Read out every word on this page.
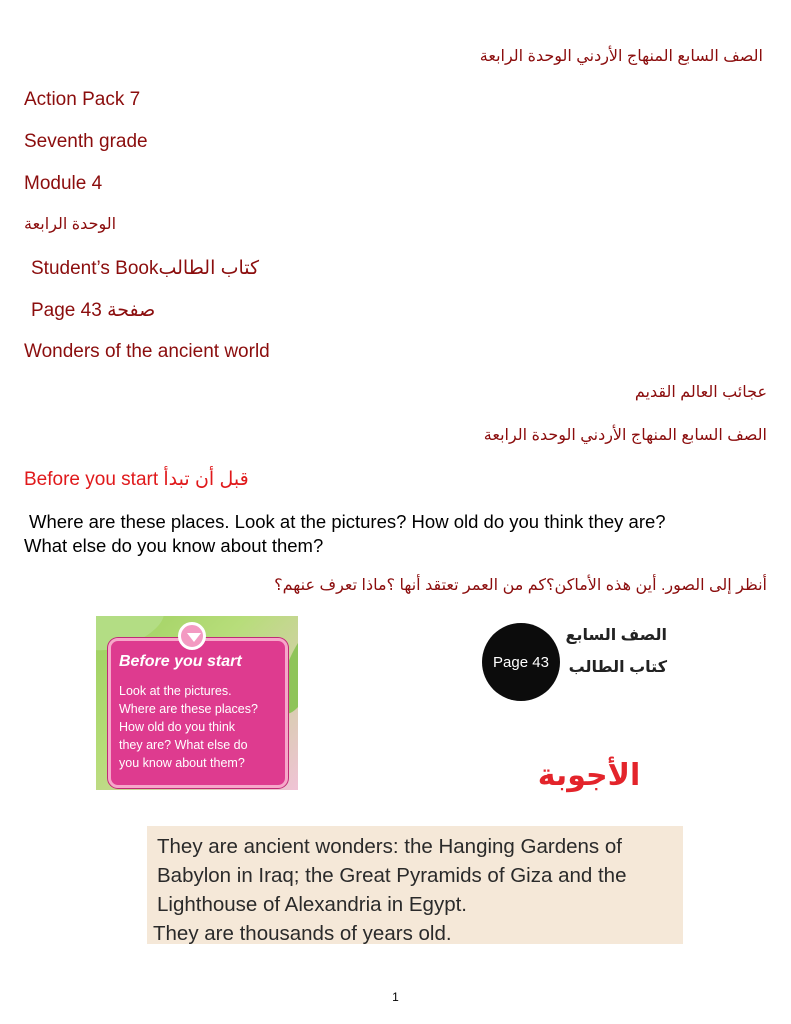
الصف السابع المنهاج الأردني الوحدة الرابعة
Action Pack 7
Seventh grade
Module 4
الوحدة الرابعة
Student’s Bookكتاب الطالب
Page 43 صفحة
Wonders of the ancient world
عجائب العالم القديم
الصف السابع المنهاج الأردني الوحدة الرابعة
Before you start قبل أن تبدأ
Where are these places. Look at the pictures? How old do you think they are?
What else do you know about them?
أنظر إلى الصور. أين هذه الأماكن؟كم من العمر تعتقد أنها ؟ماذا تعرف عنهم؟
Before you start
Look at the pictures.
Where are these places?
How old do you think
they are? What else do
you know about them?
Page 43
الصف السابع
كتاب الطالب
الأجوبة
They are ancient wonders: the Hanging Gardens of
Babylon in Iraq; the Great Pyramids of Giza and the
Lighthouse of Alexandria in Egypt.
They are thousands of years old.
1
